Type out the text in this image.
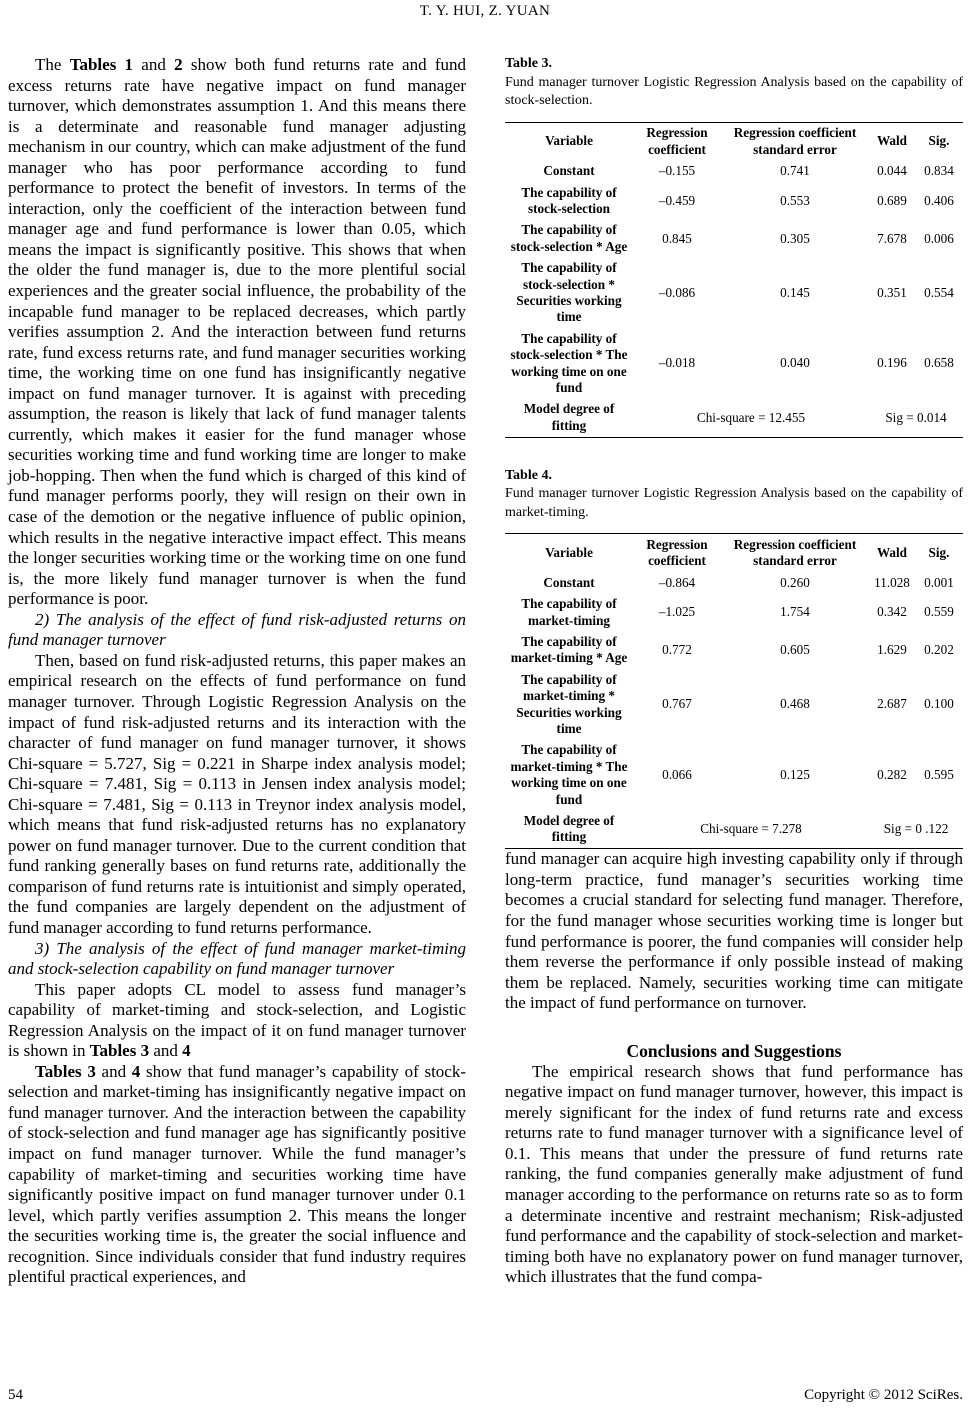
T. Y. HUI, Z. YUAN

The Tables 1 and 2 show both fund returns rate and fund excess returns rate have negative impact on fund manager turnover, which demonstrates assumption 1. And this means there is a determinate and reasonable fund manager adjusting mechanism in our country, which can make adjustment of the fund manager who has poor performance according to fund performance to protect the benefit of investors. In terms of the interaction, only the coefficient of the interaction between fund manager age and fund performance is lower than 0.05, which means the impact is significantly positive. This shows that when the older the fund manager is, due to the more plentiful social experiences and the greater social influence, the probability of the incapable fund manager to be replaced decreases, which partly verifies assumption 2. And the interaction between fund returns rate, fund excess returns rate, and fund manager securities working time, the working time on one fund has insignificantly negative impact on fund manager turnover. It is against with preceding assumption, the reason is likely that lack of fund manager talents currently, which makes it easier for the fund manager whose securities working time and fund working time are longer to make job-hopping. Then when the fund which is charged of this kind of fund manager performs poorly, they will resign on their own in case of the demotion or the negative influence of public opinion, which results in the negative interactive impact effect. This means the longer securities working time or the working time on one fund is, the more likely fund manager turnover is when the fund performance is poor.

2) The analysis of the effect of fund risk-adjusted returns on fund manager turnover

Then, based on fund risk-adjusted returns, this paper makes an empirical research on the effects of fund performance on fund manager turnover. Through Logistic Regression Analysis on the impact of fund risk-adjusted returns and its interaction with the character of fund manager on fund manager turnover, it shows Chi-square = 5.727, Sig = 0.221 in Sharpe index analysis model; Chi-square = 7.481, Sig = 0.113 in Jensen index analysis model; Chi-square = 7.481, Sig = 0.113 in Treynor index analysis model, which means that fund risk-adjusted returns has no explanatory power on fund manager turnover. Due to the current condition that fund ranking generally bases on fund returns rate, additionally the comparison of fund returns rate is intuitionist and simply operated, the fund companies are largely dependent on the adjustment of fund manager according to fund returns performance.

3) The analysis of the effect of fund manager market-timing and stock-selection capability on fund manager turnover

This paper adopts CL model to assess fund manager’s capability of market-timing and stock-selection, and Logistic Regression Analysis on the impact of it on fund manager turnover is shown in Tables 3 and 4

Tables 3 and 4 show that fund manager’s capability of stock-selection and market-timing has insignificantly negative impact on fund manager turnover. And the interaction between the capability of stock-selection and fund manager age has significantly positive impact on fund manager turnover. While the fund manager’s capability of market-timing and securities working time have significantly positive impact on fund manager turnover under 0.1 level, which partly verifies assumption 2. This means the longer the securities working time is, the greater the social influence and recognition. Since individuals consider that fund industry requires plentiful practical experiences, and

Table 3.
Fund manager turnover Logistic Regression Analysis based on the capability of stock-selection.
Variable	Regression coefficient	Regression coefficient standard error	Wald	Sig.
Constant	–0.155	0.741	0.044	0.834
The capability of stock-selection	–0.459	0.553	0.689	0.406
The capability of stock-selection * Age	0.845	0.305	7.678	0.006
The capability of stock-selection * Securities working time	–0.086	0.145	0.351	0.554
The capability of stock-selection * The working time on one fund	–0.018	0.040	0.196	0.658
Model degree of fitting	Chi-square = 12.455		Sig = 0.014	
Table 4.
Fund manager turnover Logistic Regression Analysis based on the capability of market-timing.
Variable	Regression coefficient	Regression coefficient standard error	Wald	Sig.
Constant	–0.864	0.260	11.028	0.001
The capability of market-timing	–1.025	1.754	0.342	0.559
The capability of market-timing * Age	0.772	0.605	1.629	0.202
The capability of market-timing * Securities working time	0.767	0.468	2.687	0.100
The capability of market-timing * The working time on one fund	0.066	0.125	0.282	0.595
Model degree of fitting	Chi-square = 7.278		Sig = 0 .122	

fund manager can acquire high investing capability only if through long-term practice, fund manager’s securities working time becomes a crucial standard for selecting fund manager. Therefore, for the fund manager whose securities working time is longer but fund performance is poorer, the fund companies will consider help them reverse the performance if only possible instead of making them be replaced. Namely, securities working time can mitigate the impact of fund performance on turnover.

Conclusions and Suggestions

The empirical research shows that fund performance has negative impact on fund manager turnover, however, this impact is merely significant for the index of fund returns rate and excess returns rate to fund manager turnover with a significance level of 0.1. This means that under the pressure of fund returns rate ranking, the fund companies generally make adjustment of fund manager according to the performance on returns rate so as to form a determinate incentive and restraint mechanism; Risk-adjusted fund performance and the capability of stock-selection and market-timing both have no explanatory power on fund manager turnover, which illustrates that the fund compa-

54	Copyright © 2012 SciRes.
